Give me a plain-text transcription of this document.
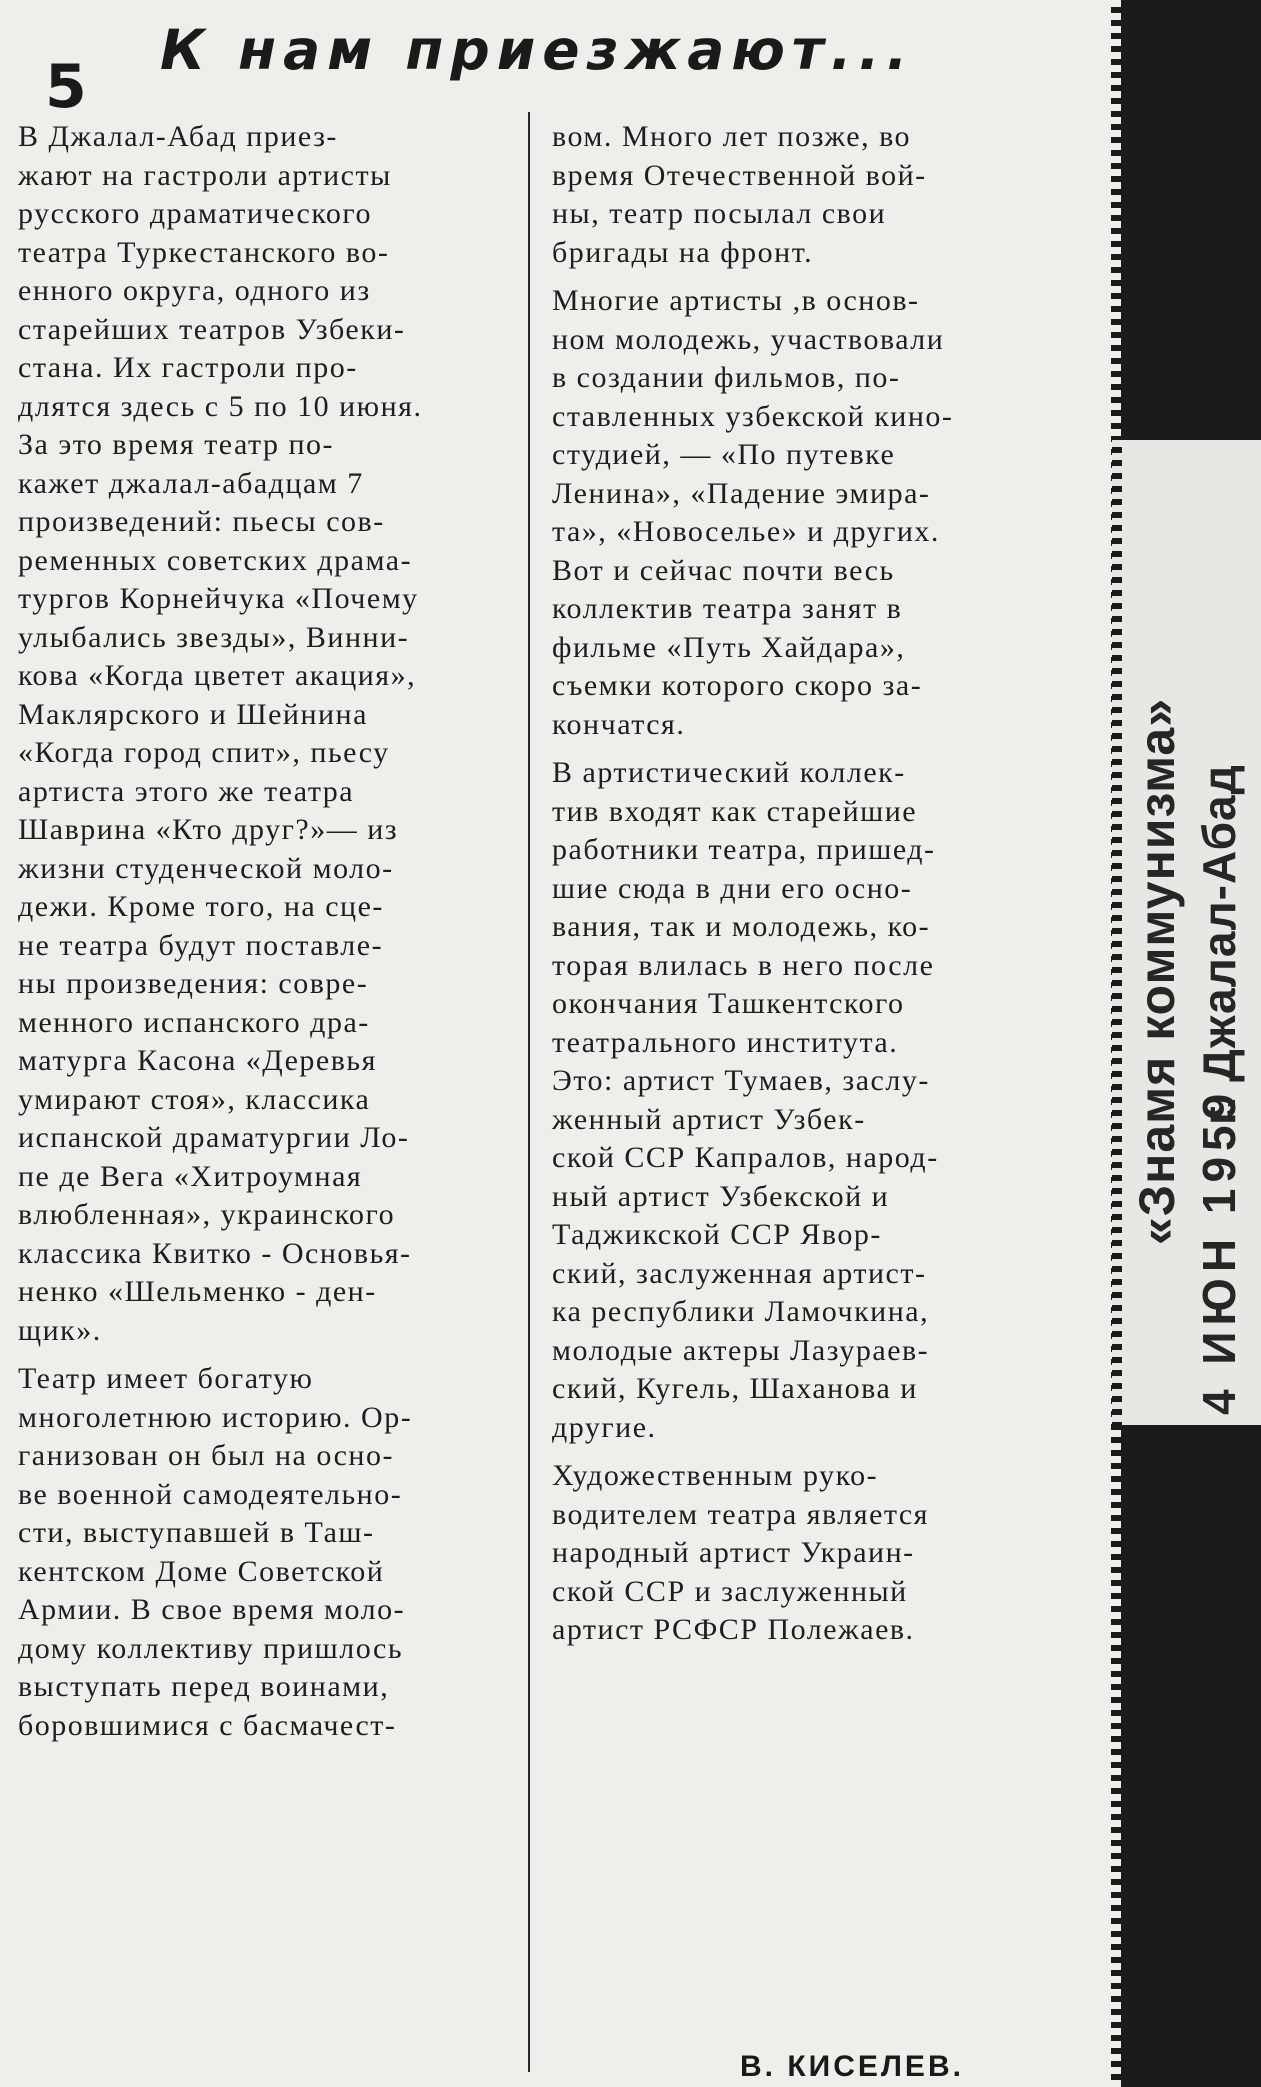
К нам приезжают...
5

В Джалал-Абад приез-
жают на гастроли артисты
русского драматического
театра Туркестанского во-
енного округа, одного из
старейших театров Узбеки-
стана. Их гастроли про-
длятся здесь с 5 по 10 июня.
За это время театр по-
кажет джалал-абадцам 7
произведений: пьесы сов-
ременных советских драма-
тургов Корнейчука «Почему
улыбались звезды», Винни-
кова «Когда цветет акация»,
Маклярского и Шейнина
«Когда город спит», пьесу
артиста этого же театра
Шаврина «Кто друг?»— из
жизни студенческой моло-
дежи. Кроме того, на сце-
не театра будут поставле-
ны произведения: совре-
менного испанского дра-
матурга Касона «Деревья
умирают стоя», классика
испанской драматургии Ло-
пе де Вега «Хитроумная
влюбленная», украинского
классика Квитко - Основья-
ненко «Шельменко - ден-
щик».

Театр имеет богатую
многолетнюю историю. Ор-
ганизован он был на осно-
ве военной самодеятельно-
сти, выступавшей в Таш-
кентском Доме Советской
Армии. В свое время моло-
дому коллективу пришлось
выступать перед воинами,
боровшимися с басмачест-

вом. Много лет позже, во
время Отечественной вой-
ны, театр посылал свои
бригады на фронт.

Многие артисты ,в основ-
ном молодежь, участвовали
в создании фильмов, по-
ставленных узбекской кино-
студией, — «По путевке
Ленина», «Падение эмира-
та», «Новоселье» и других.
Вот и сейчас почти весь
коллектив театра занят в
фильме «Путь Хайдара»,
съемки которого скоро за-
кончатся.

В артистический коллек-
тив входят как старейшие
работники театра, пришед-
шие сюда в дни его осно-
вания, так и молодежь, ко-
торая влилась в него после
окончания Ташкентского
театрального института.
Это: артист Тумаев, заслу-
женный артист Узбек-
ской ССР Капралов, народ-
ный артист Узбекской и
Таджикской ССР Явор-
ский, заслуженная артист-
ка республики Ламочкина,
молодые актеры Лазураев-
ский, Кугель, Шаханова и
другие.

Художественным руко-
водителем театра является
народный артист Украин-
ской ССР и заслуженный
артист РСФСР Полежаев.

В. КИСЕЛЕВ.
«Знамя коммунизма» г. Джалал-Абад
4 ИЮН 1959
